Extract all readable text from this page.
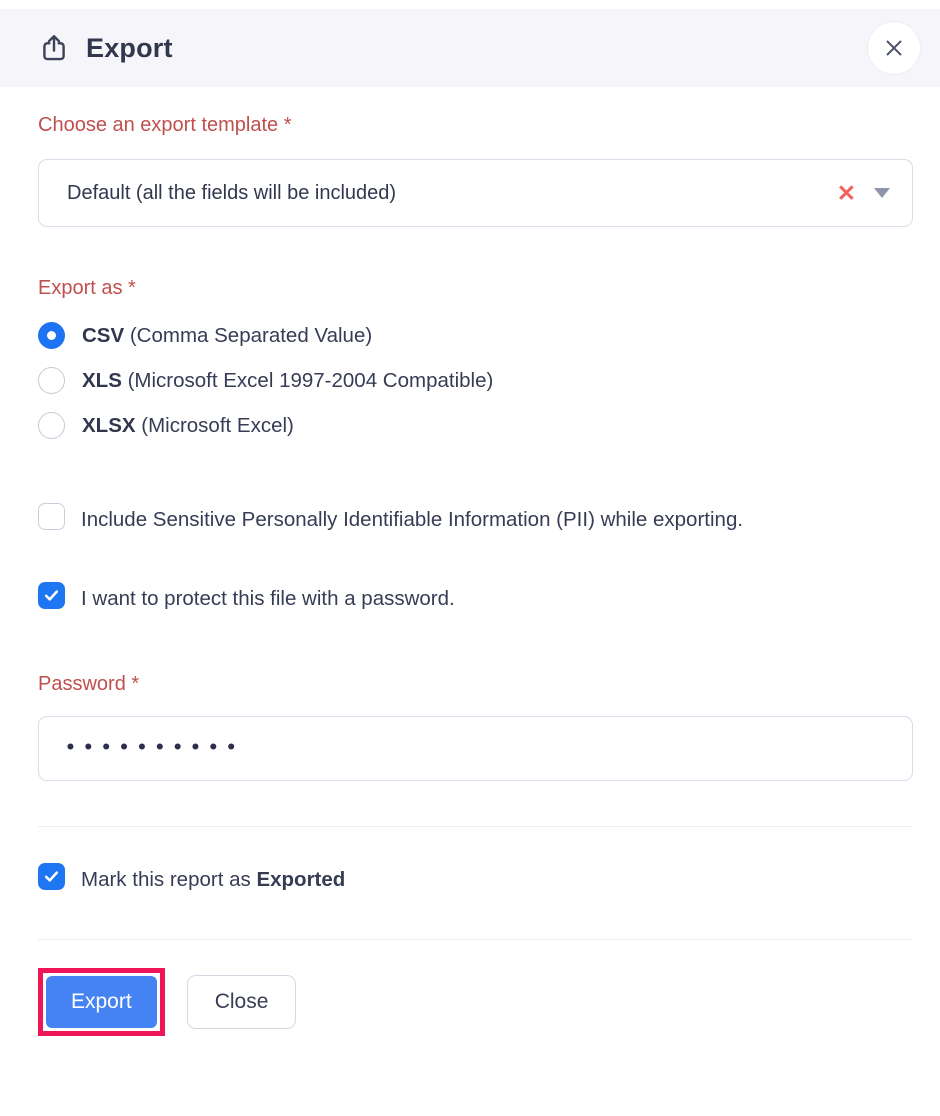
Export
Choose an export template *
Default (all the fields will be included)	✕
Export as *
CSV (Comma Separated Value)
XLS (Microsoft Excel 1997-2004 Compatible)
XLSX (Microsoft Excel)
Include Sensitive Personally Identifiable Information (PII) while exporting.
I want to protect this file with a password.
Password *
••••••••••
Mark this report as Exported
Export	Close
